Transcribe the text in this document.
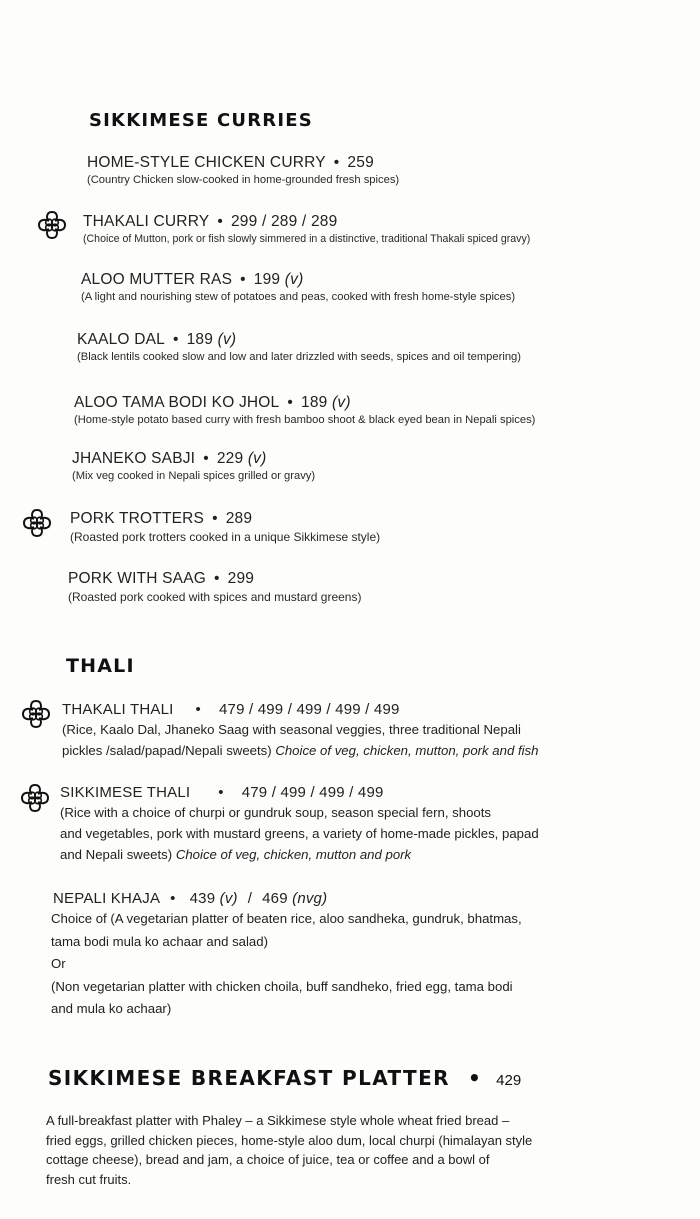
SIKKIMESE CURRIES
HOME-STYLE CHICKEN CURRY • 259
(Country Chicken slow-cooked in home-grounded fresh spices)
THAKALI CURRY • 299 / 289 / 289
(Choice of Mutton, pork or fish slowly simmered in a distinctive, traditional Thakali spiced gravy)
ALOO MUTTER RAS • 199 (v)
(A light and nourishing stew of potatoes and peas, cooked with fresh home-style spices)
KAALO DAL • 189 (v)
(Black lentils cooked slow and low and later drizzled with seeds, spices and oil tempering)
ALOO TAMA BODI KO JHOL • 189 (v)
(Home-style potato based curry with fresh bamboo shoot & black eyed bean in Nepali spices)
JHANEKO SABJI • 229 (v)
(Mix veg cooked in Nepali spices grilled or gravy)
PORK TROTTERS • 289
(Roasted pork trotters cooked in a unique Sikkimese style)
PORK WITH SAAG • 299
(Roasted pork cooked with spices and mustard greens)
THALI
THAKALI THALI • 479 / 499 / 499 / 499 / 499
(Rice, Kaalo Dal, Jhaneko Saag with seasonal veggies, three traditional Nepali
pickles /salad/papad/Nepali sweets) Choice of veg, chicken, mutton, pork and fish
SIKKIMESE THALI • 479 / 499 / 499 / 499
(Rice with a choice of churpi or gundruk soup, season special fern, shoots
and vegetables, pork with mustard greens, a variety of home-made pickles, papad
and Nepali sweets) Choice of veg, chicken, mutton and pork
NEPALI KHAJA • 439 (v) / 469 (nvg)
Choice of (A vegetarian platter of beaten rice, aloo sandheka, gundruk, bhatmas,
tama bodi mula ko achaar and salad)
Or
(Non vegetarian platter with chicken choila, buff sandheko, fried egg, tama bodi
and mula ko achaar)
SIKKIMESE BREAKFAST PLATTER • 429
A full-breakfast platter with Phaley – a Sikkimese style whole wheat fried bread –
fried eggs, grilled chicken pieces, home-style aloo dum, local churpi (himalayan style
cottage cheese), bread and jam, a choice of juice, tea or coffee and a bowl of
fresh cut fruits.
